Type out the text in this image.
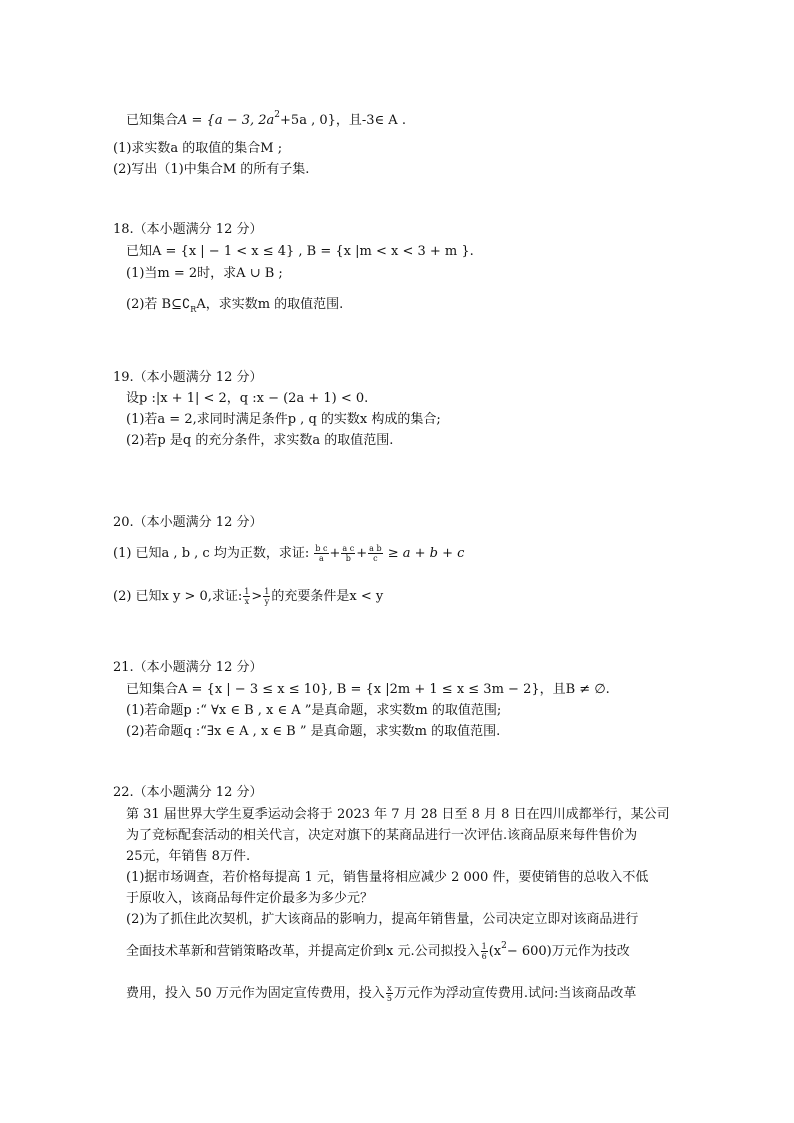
已知集合A = {a − 3, $2a^2+5a$ , 0}，且-3∈ A .
(1)求实数a 的取值的集合M ;
(2)写出（1)中集合M 的所有子集.
18.（本小题满分 12 分）
已知A = {x | − 1 < x ≤ 4} , B = {x |m < x < 3 + m }.
(1)当m = 2时，求A ∪ B ;
(2)若 $B⊆∁_RA$，求实数m 的取值范围.
19.（本小题满分 12 分）
设p :|x + 1| < 2，q :x − (2a + 1) < 0.
(1)若a = 2,求同时满足条件p , q 的实数x 构成的集合;
(2)若p 是q 的充分条件，求实数a 的取值范围.
20.（本小题满分 12 分）
(1) 已知a , b , c 均为正数，求证: $\frac{\text{b c}}{a} + \frac{\text{a c}}{b} + \frac{\text{a b}}{c} \ge a + b + c$
(2) 已知x y > 0,求证: $\frac{1}{x} > \frac{1}{y}$ 的充要条件是x < y
21.（本小题满分 12 分）
已知集合A = {x | − 3 ≤ x ≤ 10}, B = {x |2m + 1 ≤ x ≤ 3m − 2}，且B ≠ ∅.
(1)若命题p :“ ∀x ∈ B , x ∈ A ”是真命题，求实数m 的取值范围;
(2)若命题q :“∃x ∈ A , x ∈ B ” 是真命题，求实数m 的取值范围.
22.（本小题满分 12 分）
第 31 届世界大学生夏季运动会将于 2023 年 7 月 28 日至 8 月 8 日在四川成都举行，某公司
为了竞标配套活动的相关代言，决定对旗下的某商品进行一次评估.该商品原来每件售价为
25元，年销售 8万件.
(1)据市场调查，若价格每提高 1 元，销售量将相应减少 2 000 件，要使销售的总收入不低
于原收入，该商品每件定价最多为多少元？
(2)为了抓住此次契机，扩大该商品的影响力，提高年销售量，公司决定立即对该商品进行
全面技术革新和营销策略改革，并提高定价到x 元.公司拟投入 $\frac{1}{6} (x^2- 600)$万元作为技改
费用，投入 50 万元作为固定宣传费用，投入 $\frac{x}{5}$ 万元作为浮动宣传费用.试问:当该商品改革
